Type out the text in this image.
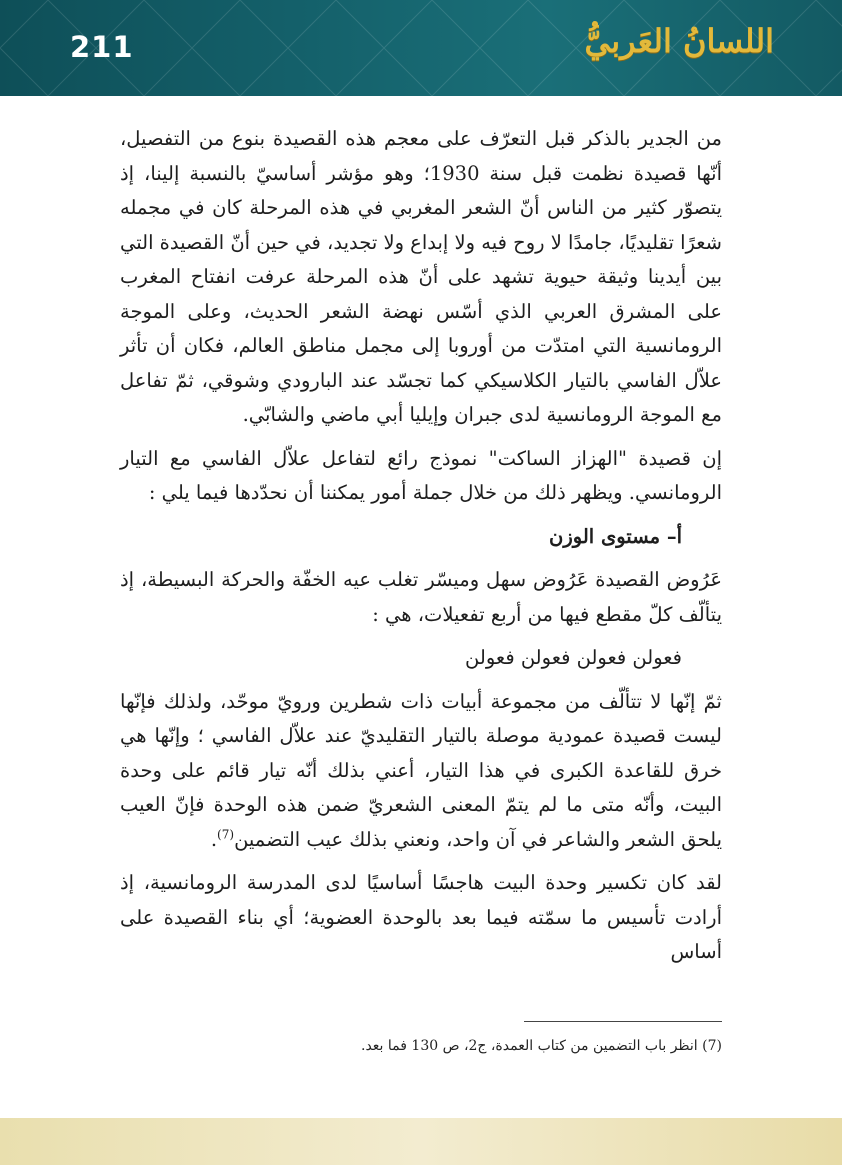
211	اللسانُ العَربيُّ

من الجدير بالذكر قبل التعرّف على معجم هذه القصيدة بنوع من التفصيل، أنّها قصيدة نظمت قبل سنة 1930؛ وهو مؤشر أساسيّ بالنسبة إلينا، إذ يتصوّر كثير من الناس أنّ الشعر المغربي في هذه المرحلة كان في مجمله شعرًا تقليديًا، جامدًا لا روح فيه ولا إبداع ولا تجديد، في حين أنّ القصيدة التي بين أيدينا وثيقة حيوية تشهد على أنّ هذه المرحلة عرفت انفتاح المغرب على المشرق العربي الذي أسّس نهضة الشعر الحديث، وعلى الموجة الرومانسية التي امتدّت من أوروبا إلى مجمل مناطق العالم، فكان أن تأثر علاّل الفاسي بالتيار الكلاسيكي كما تجسّد عند البارودي وشوقي، ثمّ تفاعل مع الموجة الرومانسية لدى جبران وإيليا أبي ماضي والشابّي.

إن قصيدة "الهزاز الساكت" نموذج رائع لتفاعل علاّل الفاسي مع التيار الرومانسي. ويظهر ذلك من خلال جملة أمور يمكننا أن نحدّدها فيما يلي :

أ– مستوى الوزن

عَرُوض القصيدة عَرُوض سهل وميسّر تغلب عيه الخفّة والحركة البسيطة، إذ يتألّف كلّ مقطع فيها من أربع تفعيلات، هي :

فعولن فعولن فعولن فعولن

ثمّ إنّها لا تتألّف من مجموعة أبيات ذات شطرين ورويّ موحّد، ولذلك فإنّها ليست قصيدة عمودية موصلة بالتيار التقليديّ عند علاّل الفاسي ؛ وإنّها هي خرق للقاعدة الكبرى في هذا التيار، أعني بذلك أنّه تيار قائم على وحدة البيت، وأنّه متى ما لم يتمّ المعنى الشعريّ ضمن هذه الوحدة فإنّ العيب يلحق الشعر والشاعر في آن واحد، ونعني بذلك عيب التضمين$^{(7)}$.

لقد كان تكسير وحدة البيت هاجسًا أساسيًا لدى المدرسة الرومانسية، إذ أرادت تأسيس ما سمّته فيما بعد بالوحدة العضوية؛ أي بناء القصيدة على أساس

(7) انظر باب التضمين من كتاب العمدة، ج2، ص 130 فما بعد.
